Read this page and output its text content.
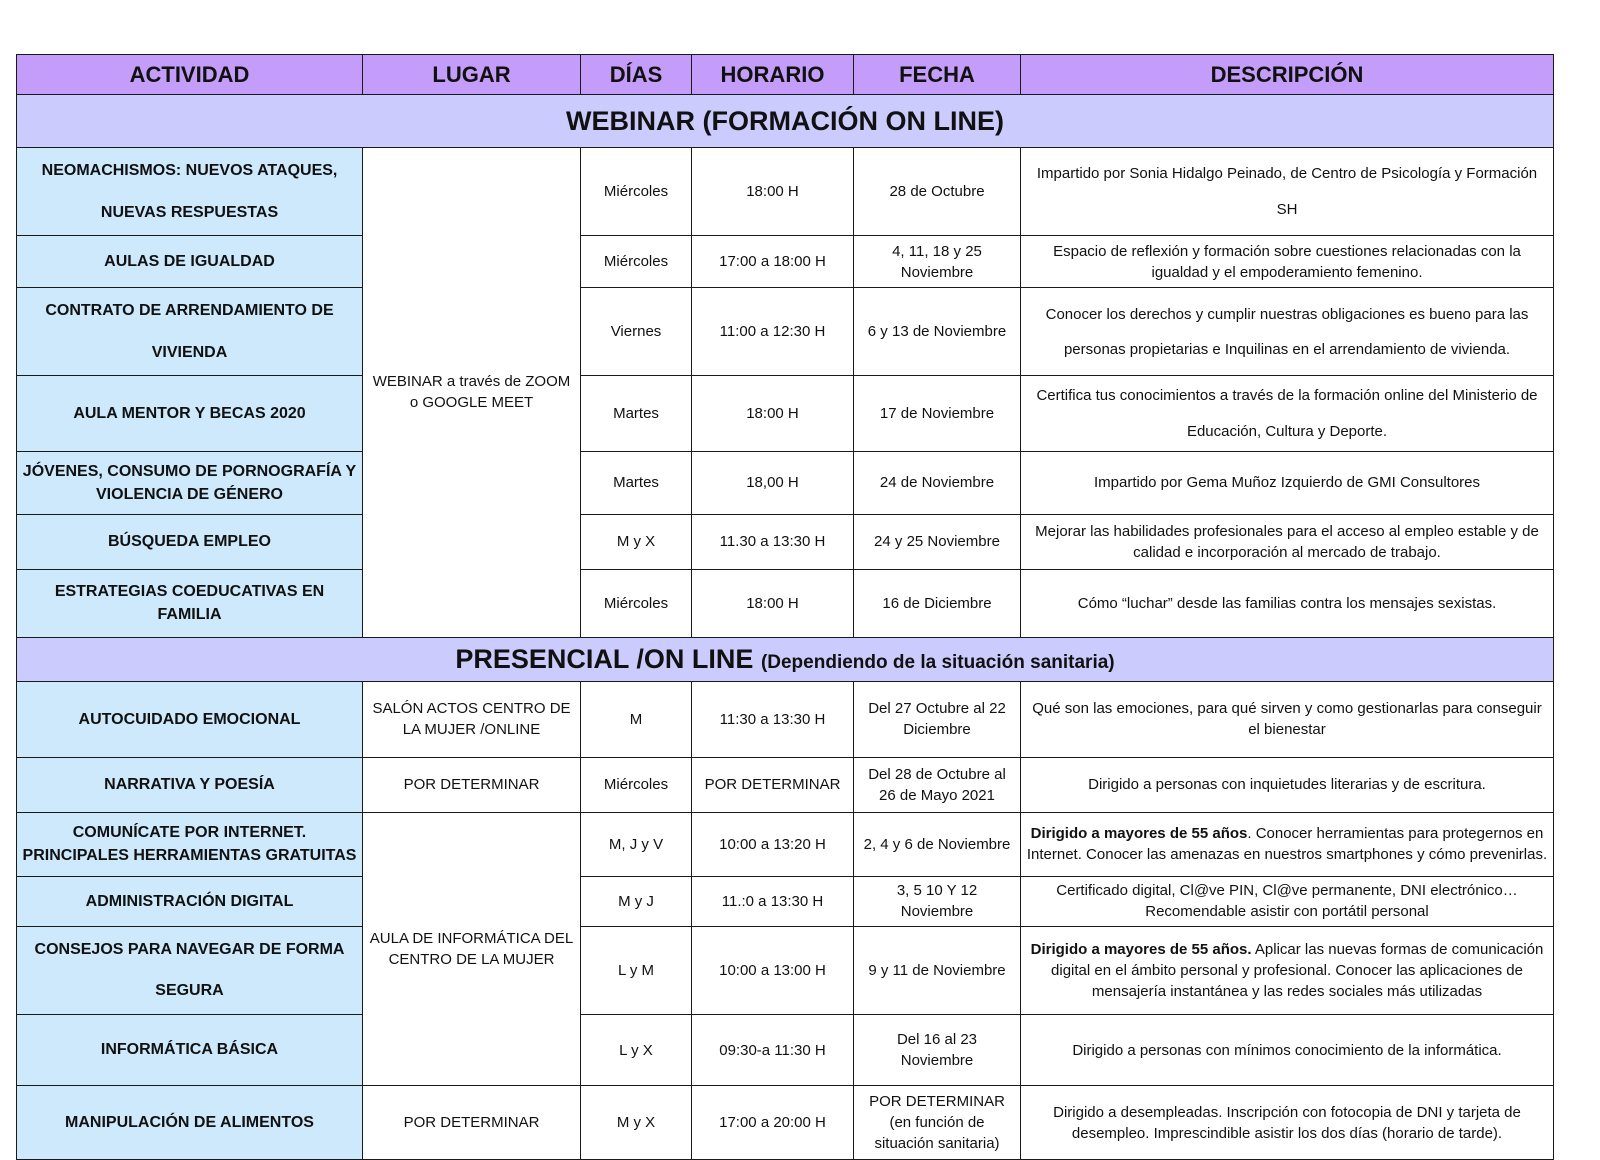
ACTIVIDAD	LUGAR	DÍAS	HORARIO	FECHA	DESCRIPCIÓN
WEBINAR (FORMACIÓN ON LINE)					
NEOMACHISMOS: NUEVOS ATAQUES, NUEVAS RESPUESTAS	WEBINAR a través de ZOOM o GOOGLE MEET	Miércoles	18:00 H	28 de Octubre	Impartido por Sonia Hidalgo Peinado, de Centro de Psicología y Formación SH
AULAS DE IGUALDAD		Miércoles	17:00 a 18:00 H	4, 11, 18 y 25 Noviembre	Espacio de reflexión y formación sobre cuestiones relacionadas con la igualdad y el empoderamiento femenino.
CONTRATO DE ARRENDAMIENTO DE VIVIENDA		Viernes	11:00 a 12:30 H	6 y 13 de Noviembre	Conocer los derechos y cumplir nuestras obligaciones es bueno para las personas propietarias e Inquilinas en el arrendamiento de vivienda.
AULA MENTOR Y BECAS 2020		Martes	18:00 H	17 de Noviembre	Certifica tus conocimientos a través de la formación online del Ministerio de Educación, Cultura y Deporte.
JÓVENES, CONSUMO DE PORNOGRAFÍA Y VIOLENCIA DE GÉNERO		Martes	18,00 H	24 de Noviembre	Impartido por Gema Muñoz Izquierdo de GMI Consultores
BÚSQUEDA EMPLEO		M y X	11.30 a 13:30 H	24 y 25 Noviembre	Mejorar las habilidades profesionales para el acceso al empleo estable y de calidad e incorporación al mercado de trabajo.
ESTRATEGIAS COEDUCATIVAS EN FAMILIA		Miércoles	18:00 H	16 de Diciembre	Cómo “luchar” desde las familias contra los mensajes sexistas.
PRESENCIAL /ON LINE (Dependiendo de la situación sanitaria)					
AUTOCUIDADO EMOCIONAL	SALÓN ACTOS CENTRO DE LA MUJER /ONLINE	M	11:30 a 13:30 H	Del 27 Octubre al 22 Diciembre	Qué son las emociones, para qué sirven y como gestionarlas para conseguir el bienestar
NARRATIVA Y POESÍA	POR DETERMINAR	Miércoles	POR DETERMINAR	Del 28 de Octubre al 26 de Mayo 2021	Dirigido a personas con inquietudes literarias y de escritura.
COMUNÍCATE POR INTERNET. PRINCIPALES HERRAMIENTAS GRATUITAS	AULA DE INFORMÁTICA DEL CENTRO DE LA MUJER	M, J y V	10:00 a 13:20 H	2, 4 y 6 de Noviembre	Dirigido a mayores de 55 años. Conocer herramientas para protegernos en Internet. Conocer las amenazas en nuestros smartphones y cómo prevenirlas.
ADMINISTRACIÓN DIGITAL		M y J	11.:0 a 13:30 H	3, 5 10 Y 12 Noviembre	Certificado digital, Cl@ve PIN, Cl@ve permanente, DNI electrónico… Recomendable asistir con portátil personal
CONSEJOS PARA NAVEGAR DE FORMA SEGURA		L y M	10:00 a 13:00 H	9 y 11 de Noviembre	Dirigido a mayores de 55 años. Aplicar las nuevas formas de comunicación digital en el ámbito personal y profesional. Conocer las aplicaciones de mensajería instantánea y las redes sociales más utilizadas
INFORMÁTICA BÁSICA		L y X	09:30-a 11:30 H	Del 16 al 23 Noviembre	Dirigido a personas con mínimos conocimiento de la informática.
MANIPULACIÓN DE ALIMENTOS	POR DETERMINAR	M y X	17:00 a 20:00 H	POR DETERMINAR (en función de situación sanitaria)	Dirigido a desempleadas. Inscripción con fotocopia de DNI y tarjeta de desempleo. Imprescindible asistir los dos días (horario de tarde).
